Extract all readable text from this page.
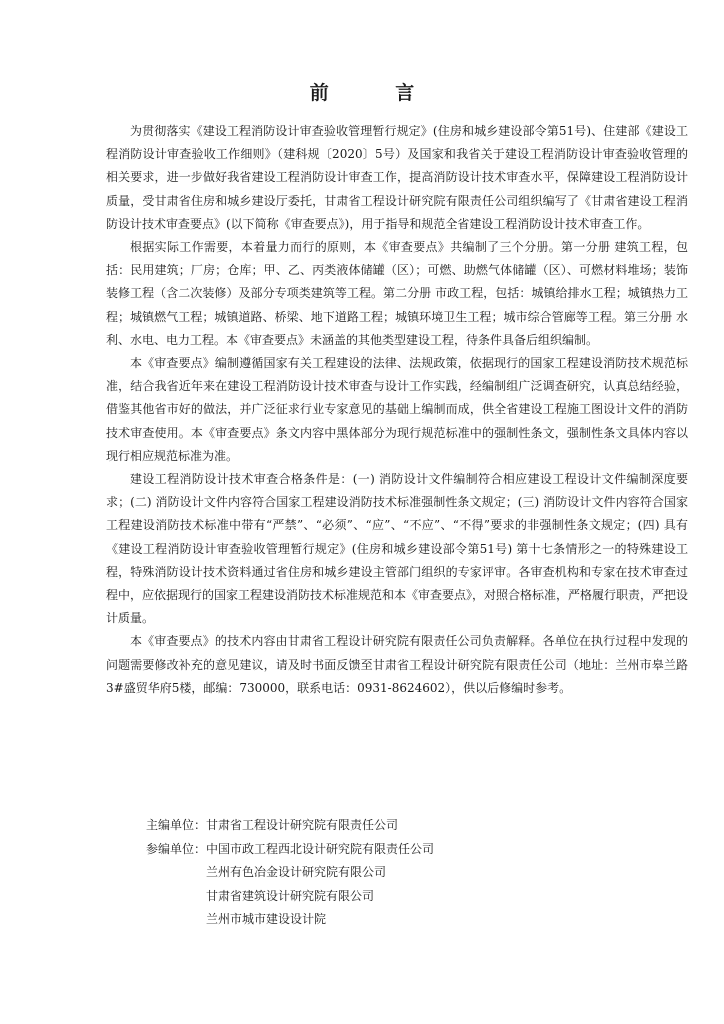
前 言

为贯彻落实《建设工程消防设计审查验收管理暂行规定》(住房和城乡建设部令第51号)、住建部《建设工程消防设计审查验收工作细则》（建科规〔2020〕5号）及国家和我省关于建设工程消防设计审查验收管理的相关要求，进一步做好我省建设工程消防设计审查工作，提高消防设计技术审查水平，保障建设工程消防设计质量，受甘肃省住房和城乡建设厅委托，甘肃省工程设计研究院有限责任公司组织编写了《甘肃省建设工程消防设计技术审查要点》(以下简称《审查要点》)，用于指导和规范全省建设工程消防设计技术审查工作。

根据实际工作需要，本着量力而行的原则，本《审查要点》共编制了三个分册。第一分册 建筑工程，包括：民用建筑；厂房；仓库；甲、乙、丙类液体储罐（区）；可燃、助燃气体储罐（区）、可燃材料堆场；装饰装修工程（含二次装修）及部分专项类建筑等工程。第二分册 市政工程，包括：城镇给排水工程；城镇热力工程；城镇燃气工程；城镇道路、桥梁、地下道路工程；城镇环境卫生工程；城市综合管廊等工程。第三分册 水利、水电、电力工程。本《审查要点》未涵盖的其他类型建设工程，待条件具备后组织编制。

本《审查要点》编制遵循国家有关工程建设的法律、法规政策，依据现行的国家工程建设消防技术规范标准，结合我省近年来在建设工程消防设计技术审查与设计工作实践，经编制组广泛调查研究，认真总结经验，借鉴其他省市好的做法，并广泛征求行业专家意见的基础上编制而成，供全省建设工程施工图设计文件的消防技术审查使用。本《审查要点》条文内容中黑体部分为现行规范标准中的强制性条文，强制性条文具体内容以现行相应规范标准为准。

建设工程消防设计技术审查合格条件是：(一) 消防设计文件编制符合相应建设工程设计文件编制深度要求；(二) 消防设计文件内容符合国家工程建设消防技术标准强制性条文规定；(三) 消防设计文件内容符合国家工程建设消防技术标准中带有“严禁”、“必须”、“应”、“不应”、“不得”要求的非强制性条文规定；(四) 具有《建设工程消防设计审查验收管理暂行规定》(住房和城乡建设部令第51号) 第十七条情形之一的特殊建设工程，特殊消防设计技术资料通过省住房和城乡建设主管部门组织的专家评审。各审查机构和专家在技术审查过程中，应依据现行的国家工程建设消防技术标准规范和本《审查要点》，对照合格标准，严格履行职责，严把设计质量。

本《审查要点》的技术内容由甘肃省工程设计研究院有限责任公司负责解释。各单位在执行过程中发现的问题需要修改补充的意见建议，请及时书面反馈至甘肃省工程设计研究院有限责任公司（地址：兰州市皋兰路3#盛贸华府5楼，邮编：730000，联系电话：0931-8624602），供以后修编时参考。

主编单位： 甘肃省工程设计研究院有限责任公司
参编单位： 中国市政工程西北设计研究院有限责任公司
兰州有色冶金设计研究院有限公司
甘肃省建筑设计研究院有限公司
兰州市城市建设设计院
